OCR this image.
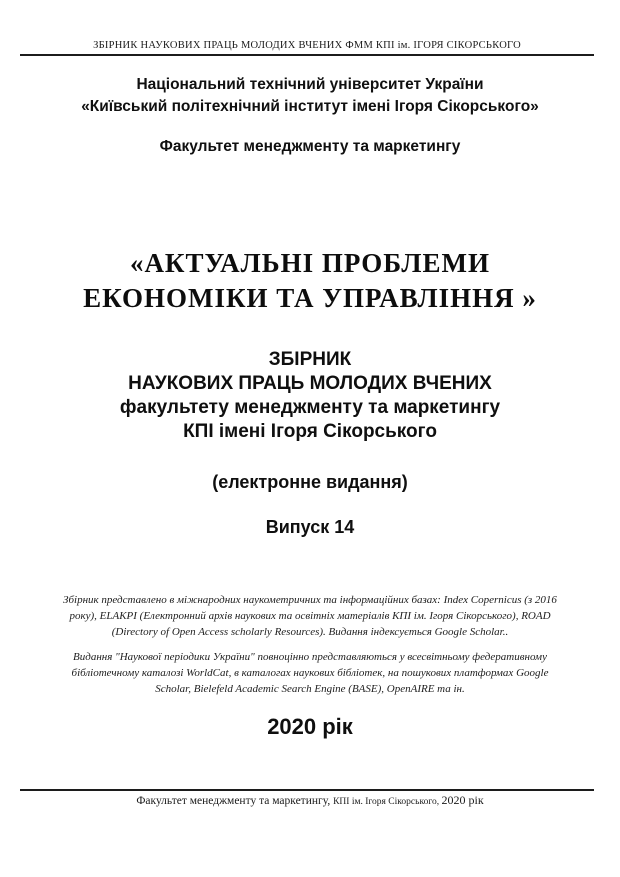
ЗБІРНИК НАУКОВИХ ПРАЦЬ МОЛОДИХ ВЧЕНИХ ФММ КПІ ім. ІГОРЯ СІКОРСЬКОГО
Національний технічний університет України
«Київський політехнічний інститут імені Ігоря Сікорського»
Факультет менеджменту та маркетингу
«АКТУАЛЬНІ ПРОБЛЕМИ
ЕКОНОМІКИ ТА УПРАВЛІННЯ »
ЗБІРНИК
НАУКОВИХ ПРАЦЬ МОЛОДИХ ВЧЕНИХ
факультету менеджменту та маркетингу
КПІ імені Ігоря Сікорського
(електронне видання)
Випуск 14
Збірник представлено в міжнародних наукометричних та інформаційних базах: Index Copernicus (з 2016 року), ELAKPI (Електронний архів наукових та освітніх матеріалів КПІ ім. Ігоря Сікорського), ROAD (Directory of Open Access scholarly Resources). Видання індексується Google Scholar..
Видання "Наукової періодики України" повноцінно представляються у всесвітньому федеративному бібліотечному каталозі WorldCat, в каталогах наукових бібліотек, на пошукових платформах Google Scholar, Bielefeld Academic Search Engine (BASE), OpenAIRE та ін.
2020 рік
Факультет менеджменту та маркетингу, КПІ ім. Ігоря Сікорського, 2020 рік
